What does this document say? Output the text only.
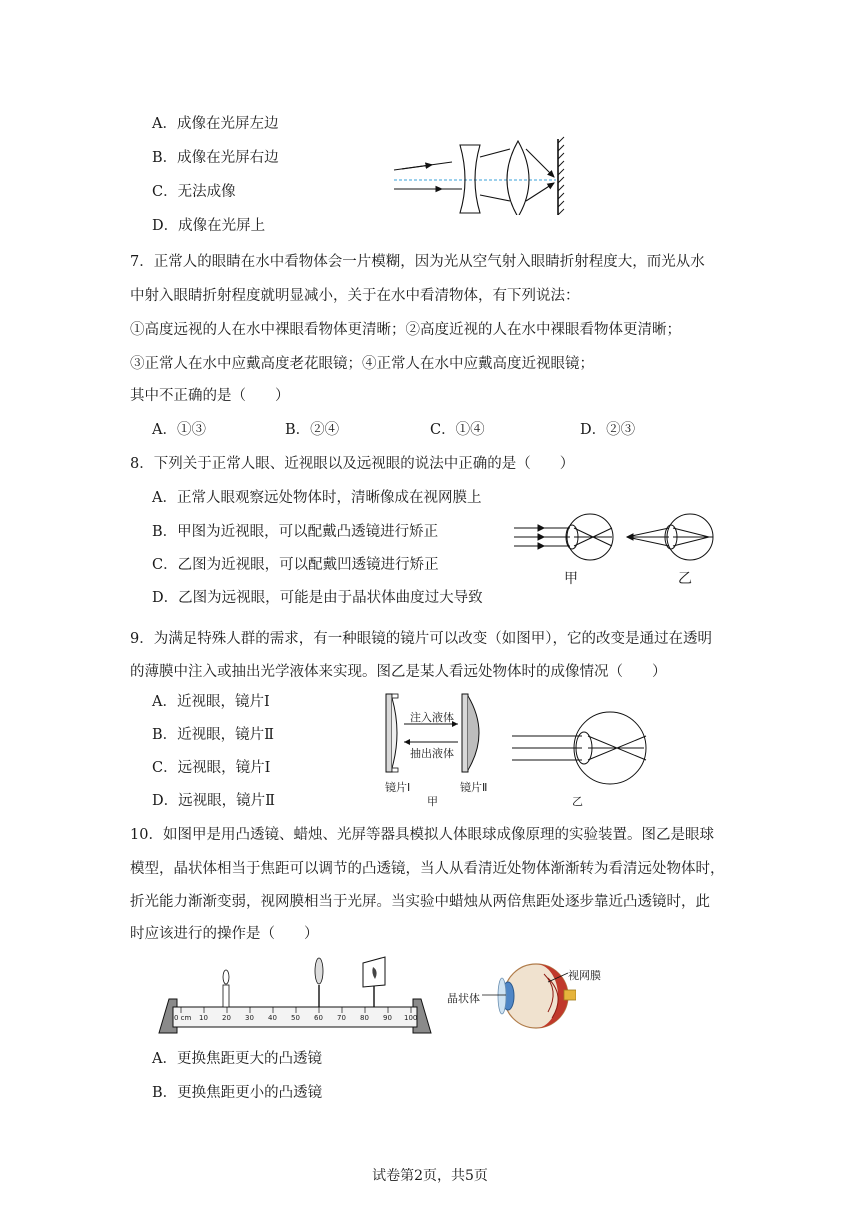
A．成像在光屏左边
B．成像在光屏右边
C．无法成像
D．成像在光屏上
7．正常人的眼睛在水中看物体会一片模糊，因为光从空气射入眼睛折射程度大，而光从水
中射入眼睛折射程度就明显减小，关于在水中看清物体，有下列说法：
①高度远视的人在水中裸眼看物体更清晰；②高度近视的人在水中裸眼看物体更清晰；
③正常人在水中应戴高度老花眼镜；④正常人在水中应戴高度近视眼镜；
其中不正确的是（　　）
A．①③	B．②④	C．①④	D．②③
8．下列关于正常人眼、近视眼以及远视眼的说法中正确的是（　　）
A．正常人眼观察远处物体时，清晰像成在视网膜上
B．甲图为近视眼，可以配戴凸透镜进行矫正
C．乙图为近视眼，可以配戴凹透镜进行矫正
D．乙图为远视眼，可能是由于晶状体曲度过大导致
甲	乙
9．为满足特殊人群的需求，有一种眼镜的镜片可以改变（如图甲），它的改变是通过在透明
的薄膜中注入或抽出光学液体来实现。图乙是某人看远处物体时的成像情况（　　）
A．近视眼，镜片Ⅰ
B．近视眼，镜片Ⅱ
C．远视眼，镜片Ⅰ
D．远视眼，镜片Ⅱ
注入液体
抽出液体
镜片Ⅰ	镜片Ⅱ
甲	乙
10．如图甲是用凸透镜、蜡烛、光屏等器具模拟人体眼球成像原理的实验装置。图乙是眼球
模型，晶状体相当于焦距可以调节的凸透镜，当人从看清近处物体渐渐转为看清远处物体时，
折光能力渐渐变弱，视网膜相当于光屏。当实验中蜡烛从两倍焦距处逐步靠近凸透镜时，此
时应该进行的操作是（　　）
0 cm 10 20 30 40 50 60 70 80 90 100
晶状体
视网膜
A．更换焦距更大的凸透镜
B．更换焦距更小的凸透镜
试卷第2页，共5页
